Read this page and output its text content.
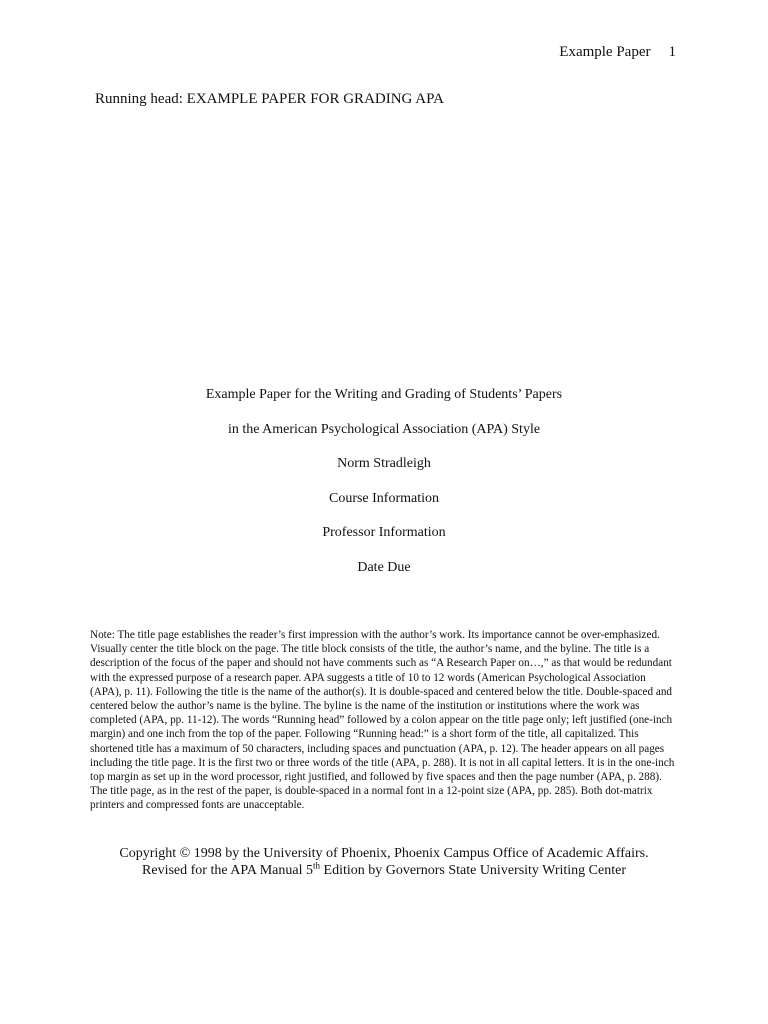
Example Paper 1
Running head: EXAMPLE PAPER FOR GRADING APA
Example Paper for the Writing and Grading of Students’ Papers
in the American Psychological Association (APA) Style
Norm Stradleigh
Course Information
Professor Information
Date Due

Note: The title page establishes the reader’s first impression with the author’s work. Its importance cannot be over-emphasized. Visually center the title block on the page. The title block consists of the title, the author’s name, and the byline. The title is a description of the focus of the paper and should not have comments such as “A Research Paper on…,” as that would be redundant with the expressed purpose of a research paper. APA suggests a title of 10 to 12 words (American Psychological Association (APA), p. 11). Following the title is the name of the author(s). It is double-spaced and centered below the title. Double-spaced and centered below the author’s name is the byline. The byline is the name of the institution or institutions where the work was completed (APA, pp. 11-12). The words “Running head” followed by a colon appear on the title page only; left justified (one-inch margin) and one inch from the top of the paper. Following “Running head:” is a short form of the title, all capitalized. This shortened title has a maximum of 50 characters, including spaces and punctuation (APA, p. 12). The header appears on all pages including the title page. It is the first two or three words of the title (APA, p. 288). It is not in all capital letters. It is in the one-inch top margin as set up in the word processor, right justified, and followed by five spaces and then the page number (APA, p. 288). The title page, as in the rest of the paper, is double-spaced in a normal font in a 12-point size (APA, pp. 285). Both dot-matrix printers and compressed fonts are unacceptable.

Copyright © 1998 by the University of Phoenix, Phoenix Campus Office of Academic Affairs.
Revised for the APA Manual 5th Edition by Governors State University Writing Center
